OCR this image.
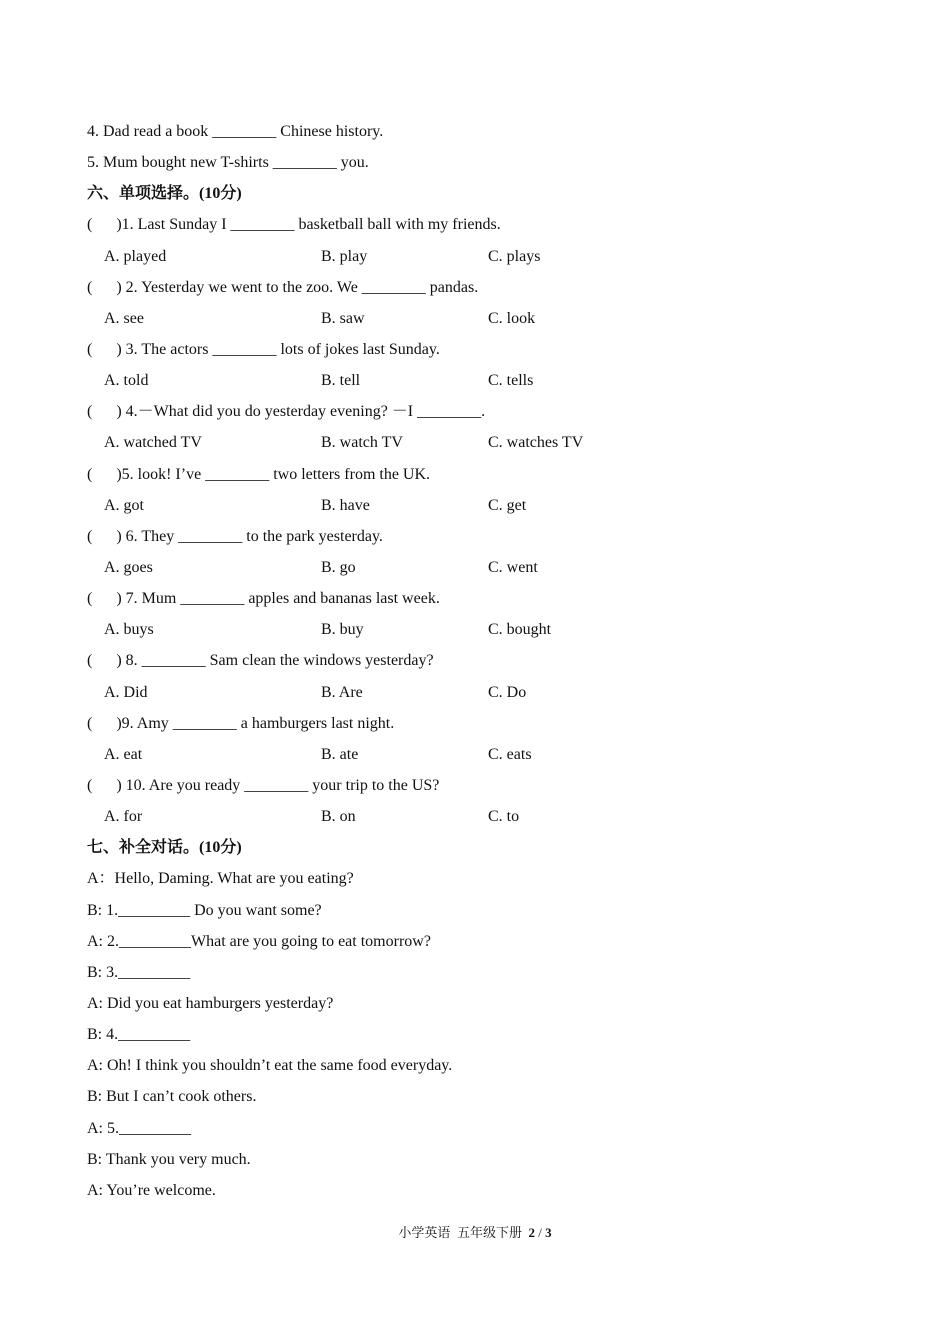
4. Dad read a book ________ Chinese history.
5. Mum bought new T-shirts ________ you.
六、单项选择。(10分)
(      )1. Last Sunday I ________ basketball ball with my friends.
A. played	B. play	C. plays
(      ) 2. Yesterday we went to the zoo. We ________ pandas.
A. see	B. saw	C. look
(      ) 3. The actors ________ lots of jokes last Sunday.
A. told	B. tell	C. tells
(      ) 4.－What did you do yesterday evening? －I ________.
A. watched TV	B. watch TV	C. watches TV
(      )5. look! I’ve ________ two letters from the UK.
A. got	B. have	C. get
(      ) 6. They ________ to the park yesterday.
A. goes	B. go	C. went
(      ) 7. Mum ________ apples and bananas last week.
A. buys	B. buy	C. bought
(      ) 8. ________ Sam clean the windows yesterday?
A. Did	B. Are	C. Do
(      )9. Amy ________ a hamburgers last night.
A. eat	B. ate	C. eats
(      ) 10. Are you ready ________ your trip to the US?
A. for	B. on	C. to
七、补全对话。(10分)
A：Hello, Daming. What are you eating?
B: 1._________ Do you want some?
A: 2._________What are you going to eat tomorrow?
B: 3._________
A: Did you eat hamburgers yesterday?
B: 4._________
A: Oh! I think you shouldn’t eat the same food everyday.
B: But I can’t cook others.
A: 5._________
B: Thank you very much.
A: You’re welcome.
小学英语 五年级下册 2 / 3
